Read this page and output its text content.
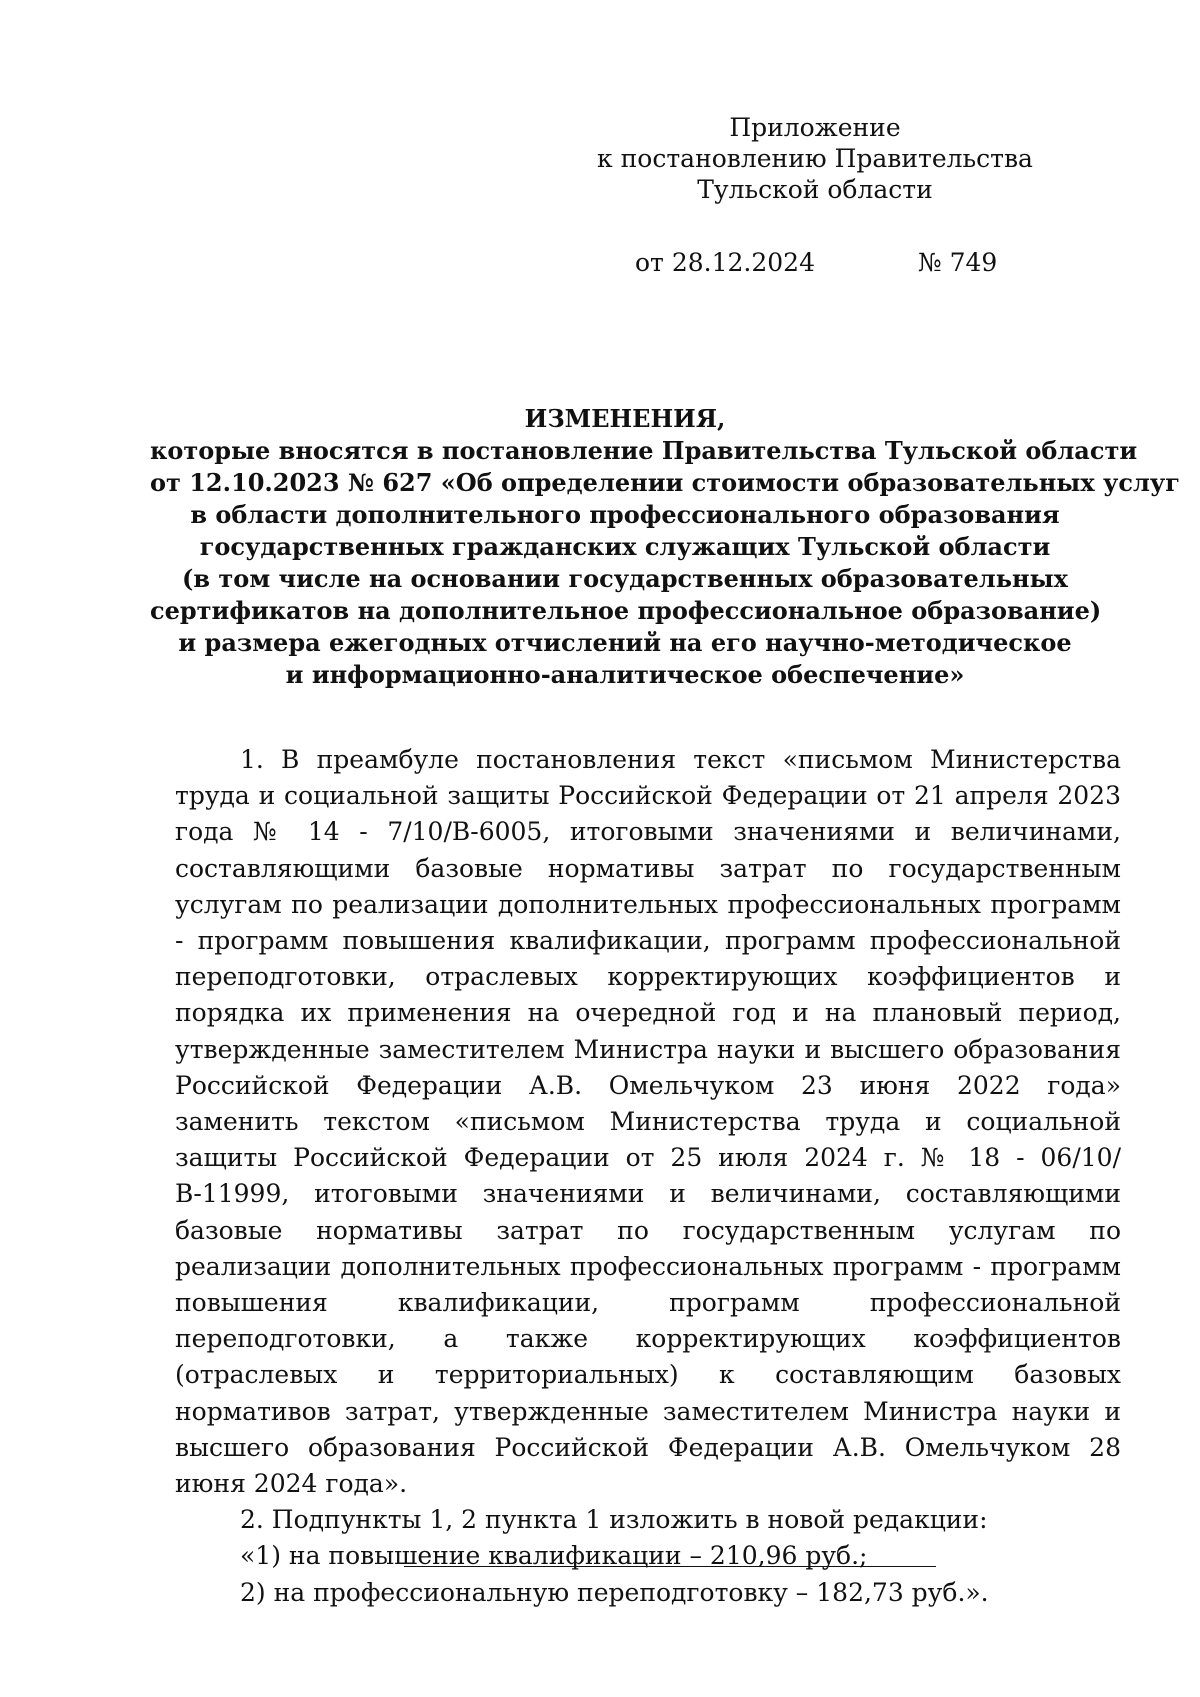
Приложение
к постановлению Правительства
Тульской области
от 28.12.2024	№ 749
ИЗМЕНЕНИЯ,
которые вносятся в постановление Правительства Тульской области
от 12.10.2023 № 627 «Об определении стоимости образовательных услуг
в области дополнительного профессионального образования
государственных гражданских служащих Тульской области
(в том числе на основании государственных образовательных
сертификатов на дополнительное профессиональное образование)
и размера ежегодных отчислений на его научно-методическое
и информационно-аналитическое обеспечение»

1. В преамбуле постановления текст «письмом Министерства труда и социальной защиты Российской Федерации от 21 апреля 2023 года № 14 - 7/10/В-6005, итоговыми значениями и величинами, составляющими базовые нормативы затрат по государственным услугам по реализации дополнительных профессиональных программ - программ повышения квалификации, программ профессиональной переподготовки, отраслевых корректирующих коэффициентов и порядка их применения на очередной год и на плановый период, утвержденные заместителем Министра науки и высшего образования Российской Федерации А.В. Омельчуком 23 июня 2022 года» заменить текстом «письмом Министерства труда и социальной защиты Российской Федерации от 25 июля 2024 г. № 18 - 06/10/В-11999, итоговыми значениями и величинами, составляющими базовые нормативы затрат по государственным услугам по реализации дополнительных профессиональных программ - программ повышения квалификации, программ профессиональной переподготовки, а также корректирующих коэффициентов (отраслевых и территориальных) к составляющим базовых нормативов затрат, утвержденные заместителем Министра науки и высшего образования Российской Федерации А.В. Омельчуком 28 июня 2024 года».

2. Подпункты 1, 2 пункта 1 изложить в новой редакции:

«1) на повышение квалификации – 210,96 руб.;

2) на профессиональную переподготовку – 182,73 руб.».
